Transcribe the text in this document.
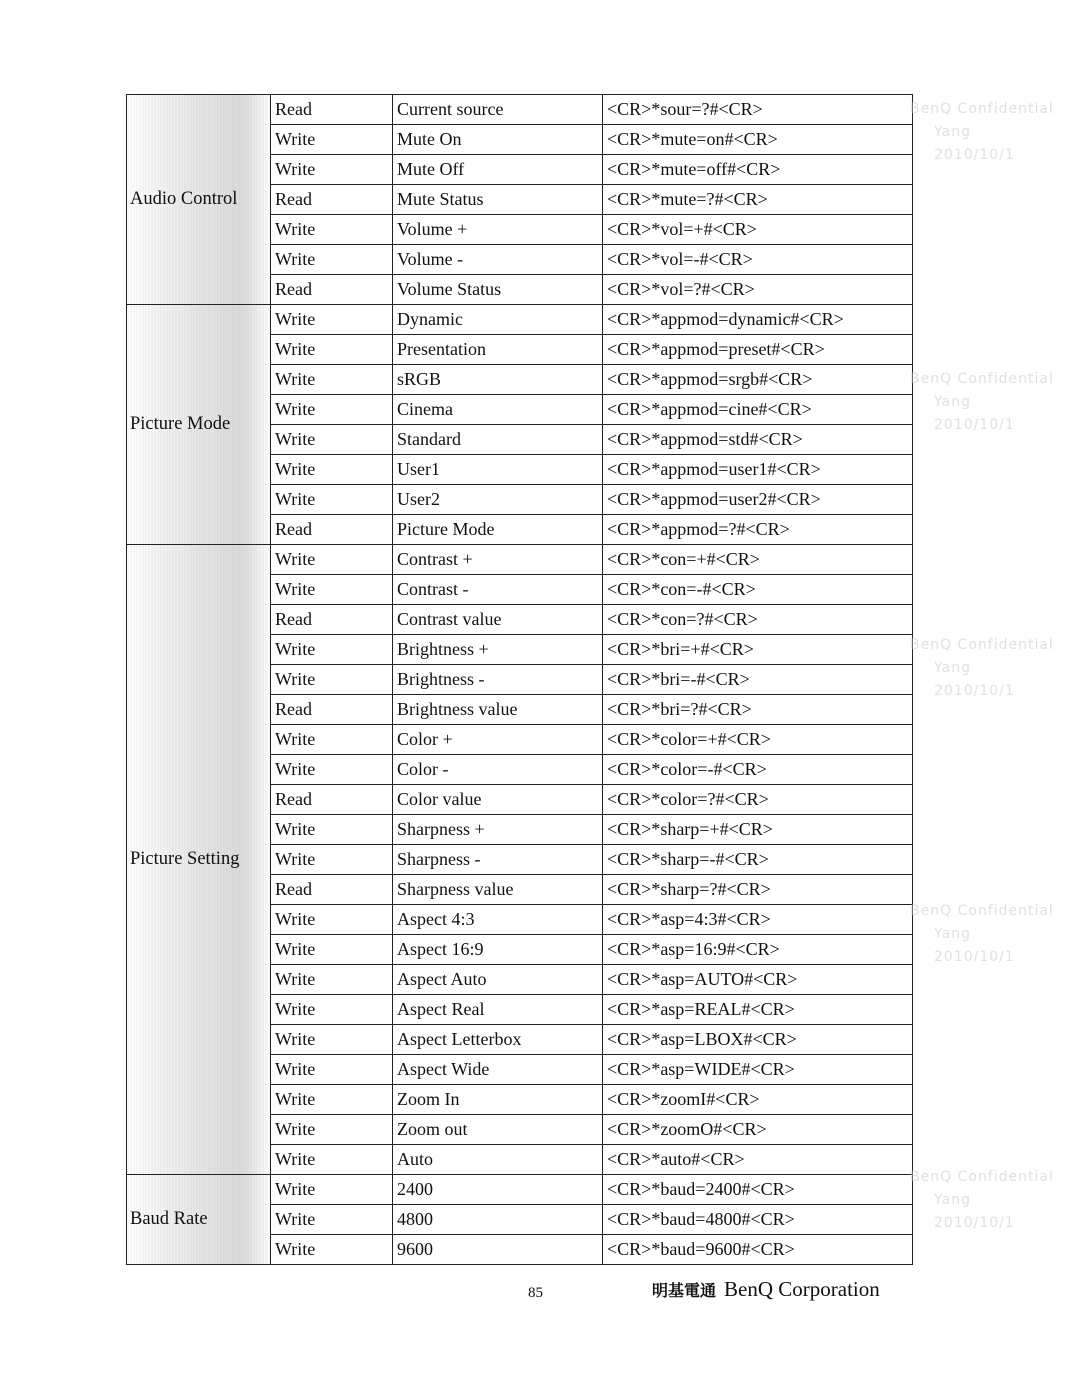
Audio Control	Read	Current source	<CR>*sour=?#<CR>
	Write	Mute On	<CR>*mute=on#<CR>
	Write	Mute Off	<CR>*mute=off#<CR>
	Read	Mute Status	<CR>*mute=?#<CR>
	Write	Volume +	<CR>*vol=+#<CR>
	Write	Volume -	<CR>*vol=-#<CR>
	Read	Volume Status	<CR>*vol=?#<CR>
Picture Mode	Write	Dynamic	<CR>*appmod=dynamic#<CR>
	Write	Presentation	<CR>*appmod=preset#<CR>
	Write	sRGB	<CR>*appmod=srgb#<CR>
	Write	Cinema	<CR>*appmod=cine#<CR>
	Write	Standard	<CR>*appmod=std#<CR>
	Write	User1	<CR>*appmod=user1#<CR>
	Write	User2	<CR>*appmod=user2#<CR>
	Read	Picture Mode	<CR>*appmod=?#<CR>
Picture Setting	Write	Contrast +	<CR>*con=+#<CR>
	Write	Contrast -	<CR>*con=-#<CR>
	Read	Contrast value	<CR>*con=?#<CR>
	Write	Brightness +	<CR>*bri=+#<CR>
	Write	Brightness -	<CR>*bri=-#<CR>
	Read	Brightness value	<CR>*bri=?#<CR>
	Write	Color +	<CR>*color=+#<CR>
	Write	Color -	<CR>*color=-#<CR>
	Read	Color value	<CR>*color=?#<CR>
	Write	Sharpness +	<CR>*sharp=+#<CR>
	Write	Sharpness -	<CR>*sharp=-#<CR>
	Read	Sharpness value	<CR>*sharp=?#<CR>
	Write	Aspect 4:3	<CR>*asp=4:3#<CR>
	Write	Aspect 16:9	<CR>*asp=16:9#<CR>
	Write	Aspect Auto	<CR>*asp=AUTO#<CR>
	Write	Aspect Real	<CR>*asp=REAL#<CR>
	Write	Aspect Letterbox	<CR>*asp=LBOX#<CR>
	Write	Aspect Wide	<CR>*asp=WIDE#<CR>
	Write	Zoom In	<CR>*zoomI#<CR>
	Write	Zoom out	<CR>*zoomO#<CR>
	Write	Auto	<CR>*auto#<CR>
Baud Rate	Write	2400	<CR>*baud=2400#<CR>
	Write	4800	<CR>*baud=4800#<CR>
	Write	9600	<CR>*baud=9600#<CR>
BenQ Confidential
Yang
2010/10/1
BenQ Confidential
Yang
2010/10/1
BenQ Confidential
Yang
2010/10/1
BenQ Confidential
Yang
2010/10/1
BenQ Confidential
Yang
2010/10/1
85	明基電通 BenQ Corporation
